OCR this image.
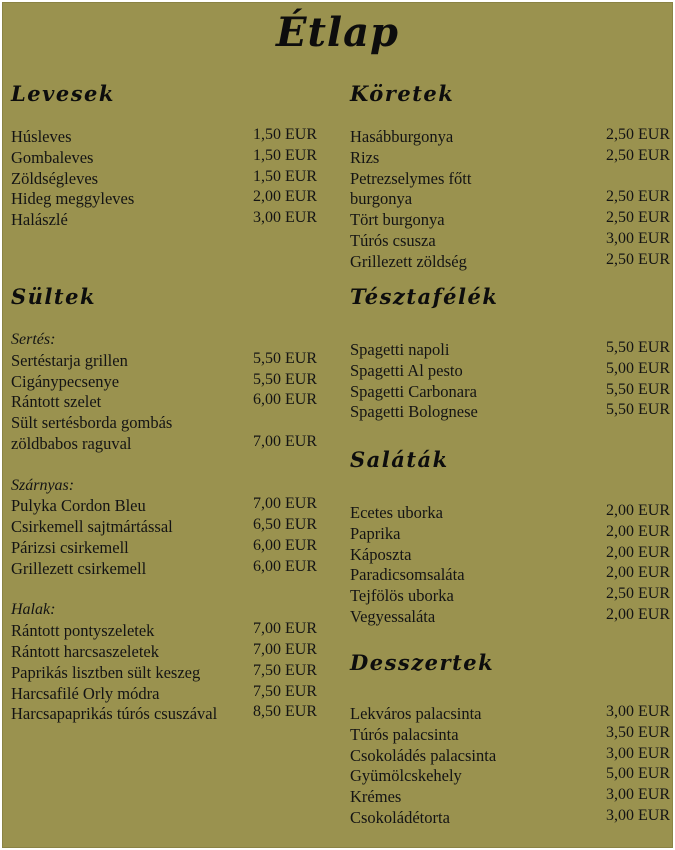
Étlap
Levesek
Húsleves	1,50 EUR
Gombaleves	1,50 EUR
Zöldségleves	1,50 EUR
Hideg meggyleves	2,00 EUR
Halászlé	3,00 EUR
Sültek
Sertés:
Sertéstarja grillen	5,50 EUR
Cigánypecsenye	5,50 EUR
Rántott szelet	6,00 EUR
Sült sertésborda gombás zöldbabos raguval	7,00 EUR
Szárnyas:
Pulyka Cordon Bleu	7,00 EUR
Csirkemell sajtmártással	6,50 EUR
Párizsi csirkemell	6,00 EUR
Grillezett csirkemell	6,00 EUR
Halak:
Rántott pontyszeletek	7,00 EUR
Rántott harcsaszeletek	7,00 EUR
Paprikás lisztben sült keszeg	7,50 EUR
Harcsafilé Orly módra	7,50 EUR
Harcsapaprikás túrós csuszával	8,50 EUR
Köretek
Hasábburgonya	2,50 EUR
Rizs	2,50 EUR
Petrezselymes főtt burgonya	2,50 EUR
Tört burgonya	2,50 EUR
Túrós csusza	3,00 EUR
Grillezett zöldség	2,50 EUR
Tésztafélék
Spagetti napoli	5,50 EUR
Spagetti Al pesto	5,00 EUR
Spagetti Carbonara	5,50 EUR
Spagetti Bolognese	5,50 EUR
Saláták
Ecetes uborka	2,00 EUR
Paprika	2,00 EUR
Káposzta	2,00 EUR
Paradicsomsaláta	2,00 EUR
Tejfölös uborka	2,50 EUR
Vegyessaláta	2,00 EUR
Desszertek
Lekváros palacsinta	3,00 EUR
Túrós palacsinta	3,50 EUR
Csokoládés palacsinta	3,00 EUR
Gyümölcskehely	5,00 EUR
Krémes	3,00 EUR
Csokoládétorta	3,00 EUR
